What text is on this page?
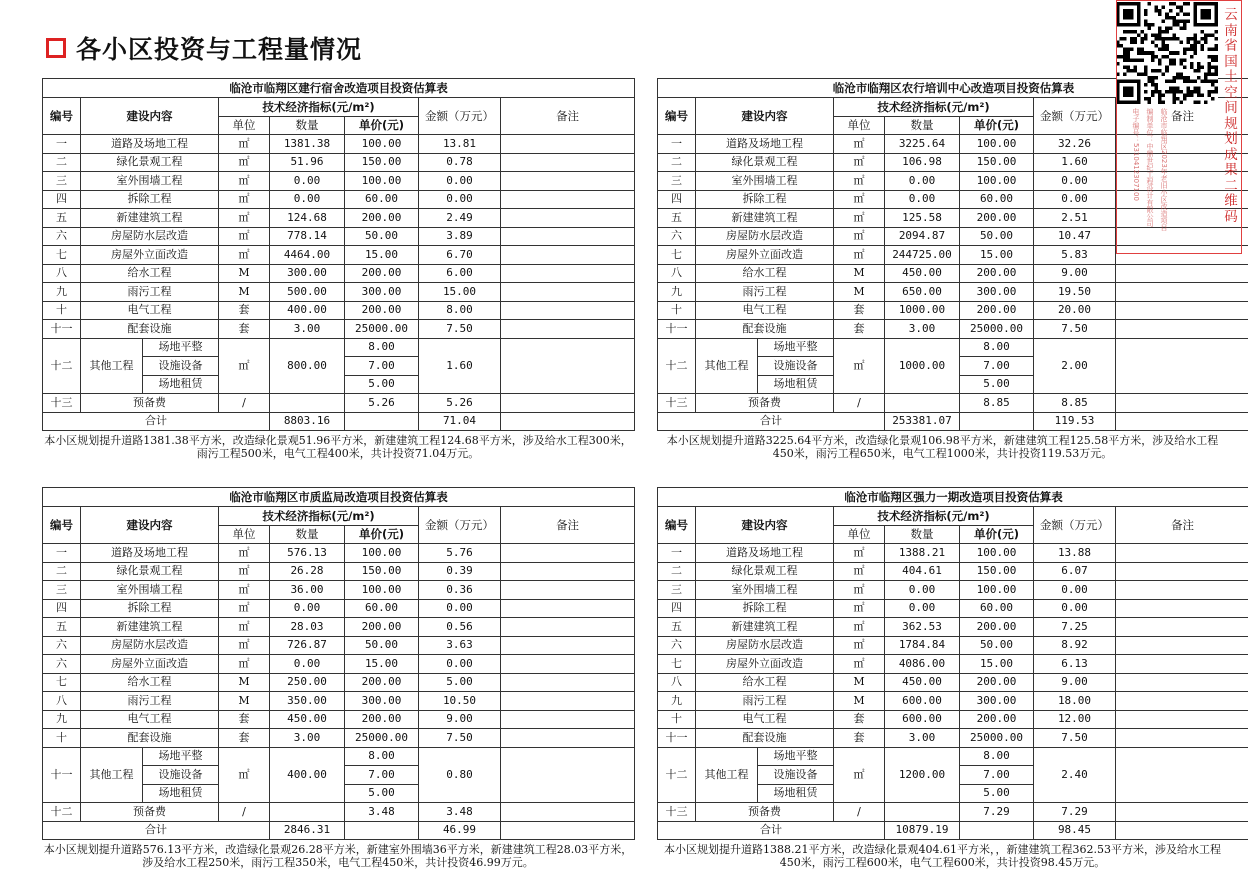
各小区投资与工程量情况
临沧市临翔区建行宿舍改造项目投资估算表							
编号	建设内容		技术经济指标(元/m²)			金额（万元）	备注
			单位	数量	单价(元)		
一	道路及场地工程		㎡	1381.38	100.00	13.81	
二	绿化景观工程		㎡	51.96	150.00	0.78	
三	室外围墙工程		㎡	0.00	100.00	0.00	
四	拆除工程		㎡	0.00	60.00	0.00	
五	新建建筑工程		㎡	124.68	200.00	2.49	
六	房屋防水层改造		㎡	778.14	50.00	3.89	
七	房屋外立面改造		㎡	4464.00	15.00	6.70	
八	给水工程		M	300.00	200.00	6.00	
九	雨污工程		M	500.00	300.00	15.00	
十	电气工程		套	400.00	200.00	8.00	
十一	配套设施		套	3.00	25000.00	7.50	
十二	其他工程	场地平整	㎡	800.00	8.00	1.60	
		设施设备			7.00		
		场地租赁			5.00		
十三	预备费		/		5.26	5.26	
合计				8803.16		71.04	
本小区规划提升道路1381.38平方米，改造绿化景观51.96平方米，新建建筑工程124.68平方米，涉及给水工程300米，雨污工程500米，电气工程400米，共计投资71.04万元。
临沧市临翔区农行培训中心改造项目投资估算表							
编号	建设内容		技术经济指标(元/m²)			金额（万元）	备注
			单位	数量	单价(元)		
一	道路及场地工程		㎡	3225.64	100.00	32.26	
二	绿化景观工程		㎡	106.98	150.00	1.60	
三	室外围墙工程		㎡	0.00	100.00	0.00	
四	拆除工程		㎡	0.00	60.00	0.00	
五	新建建筑工程		㎡	125.58	200.00	2.51	
六	房屋防水层改造		㎡	2094.87	50.00	10.47	
七	房屋外立面改造		㎡	244725.00	15.00	5.83	
八	给水工程		M	450.00	200.00	9.00	
九	雨污工程		M	650.00	300.00	19.50	
十	电气工程		套	1000.00	200.00	20.00	
十一	配套设施		套	3.00	25000.00	7.50	
十二	其他工程	场地平整	㎡	1000.00	8.00	2.00	
		设施设备			7.00		
		场地租赁			5.00		
十三	预备费		/		8.85	8.85	
合计				253381.07		119.53	
本小区规划提升道路3225.64平方米，改造绿化景观106.98平方米，新建建筑工程125.58平方米，涉及给水工程450米，雨污工程650米，电气工程1000米，共计投资119.53万元。
临沧市临翔区市质监局改造项目投资估算表							
编号	建设内容		技术经济指标(元/m²)			金额（万元）	备注
			单位	数量	单价(元)		
一	道路及场地工程		㎡	576.13	100.00	5.76	
二	绿化景观工程		㎡	26.28	150.00	0.39	
三	室外围墙工程		㎡	36.00	100.00	0.36	
四	拆除工程		㎡	0.00	60.00	0.00	
五	新建建筑工程		㎡	28.03	200.00	0.56	
六	房屋防水层改造		㎡	726.87	50.00	3.63	
六	房屋外立面改造		㎡	0.00	15.00	0.00	
七	给水工程		M	250.00	200.00	5.00	
八	雨污工程		M	350.00	300.00	10.50	
九	电气工程		套	450.00	200.00	9.00	
十	配套设施		套	3.00	25000.00	7.50	
十一	其他工程	场地平整	㎡	400.00	8.00	0.80	
		设施设备			7.00		
		场地租赁			5.00		
十二	预备费		/		3.48	3.48	
合计				2846.31		46.99	
本小区规划提升道路576.13平方米，改造绿化景观26.28平方米，新建室外围墙36平方米，新建建筑工程28.03平方米，涉及给水工程250米，雨污工程350米，电气工程450米，共计投资46.99万元。
临沧市临翔区强力一期改造项目投资估算表							
编号	建设内容		技术经济指标(元/m²)			金额（万元）	备注
			单位	数量	单价(元)		
一	道路及场地工程		㎡	1388.21	100.00	13.88	
二	绿化景观工程		㎡	404.61	150.00	6.07	
三	室外围墙工程		㎡	0.00	100.00	0.00	
四	拆除工程		㎡	0.00	60.00	0.00	
五	新建建筑工程		㎡	362.53	200.00	7.25	
六	房屋防水层改造		㎡	1784.84	50.00	8.92	
七	房屋外立面改造		㎡	4086.00	15.00	6.13	
八	给水工程		M	450.00	200.00	9.00	
九	雨污工程		M	600.00	300.00	18.00	
十	电气工程		套	600.00	200.00	12.00	
十一	配套设施		套	3.00	25000.00	7.50	
十二	其他工程	场地平整	㎡	1200.00	8.00	2.40	
		设施设备			7.00		
		场地租赁			5.00		
十三	预备费		/		7.29	7.29	
合计				10879.19		98.45	
本小区规划提升道路1388.21平方米，改造绿化景观404.61平方米，，新建建筑工程362.53平方米，涉及给水工程450米，雨污工程600米，电气工程600米，共计投资98.45万元。
云南省国土空间规划成果二维码
电子编号：5310412307100 编制单位：中鼎世纪工程设计有限公司 临沧市临翔区2023年老旧小区改造项目
